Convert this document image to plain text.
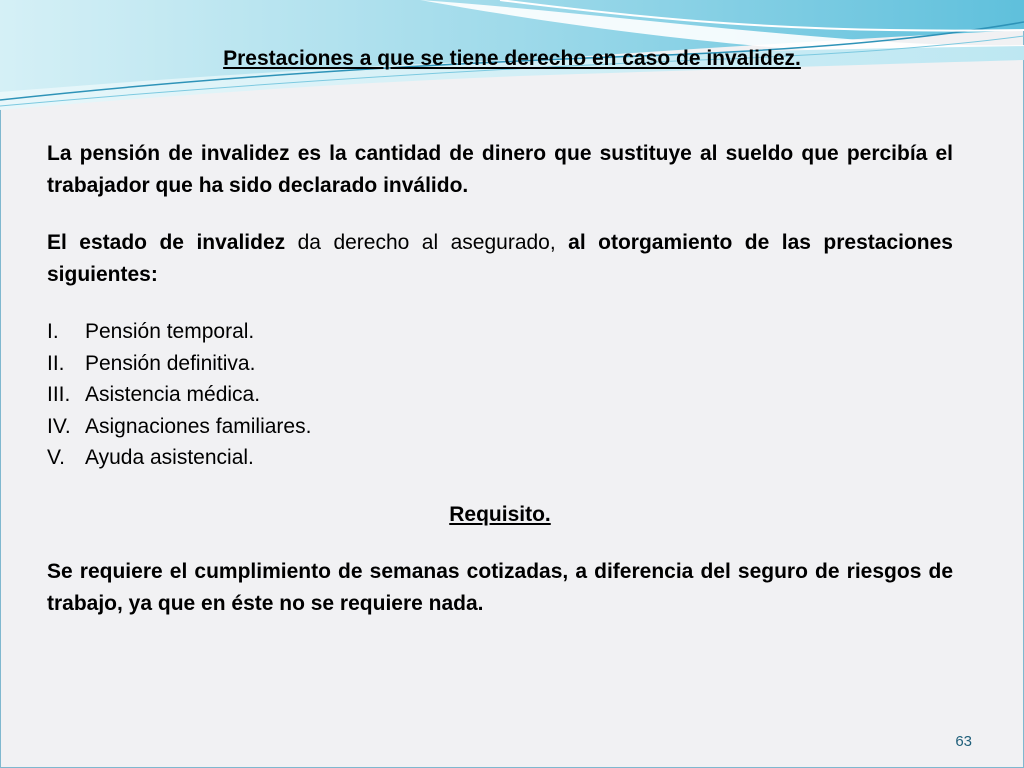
Prestaciones a que se tiene derecho en caso de invalidez.

La pensión de invalidez es la cantidad de dinero que sustituye al sueldo que percibía el trabajador que ha sido declarado inválido.

El estado de invalidez da derecho al asegurado, al otorgamiento de las prestaciones siguientes:

I.	Pensión temporal.
II. Pensión definitiva.
III. Asistencia médica.
IV. Asignaciones familiares.
V. Ayuda asistencial.

Requisito.

Se requiere el cumplimiento de semanas cotizadas, a diferencia del seguro de riesgos de trabajo, ya que en éste no se requiere nada.

63
